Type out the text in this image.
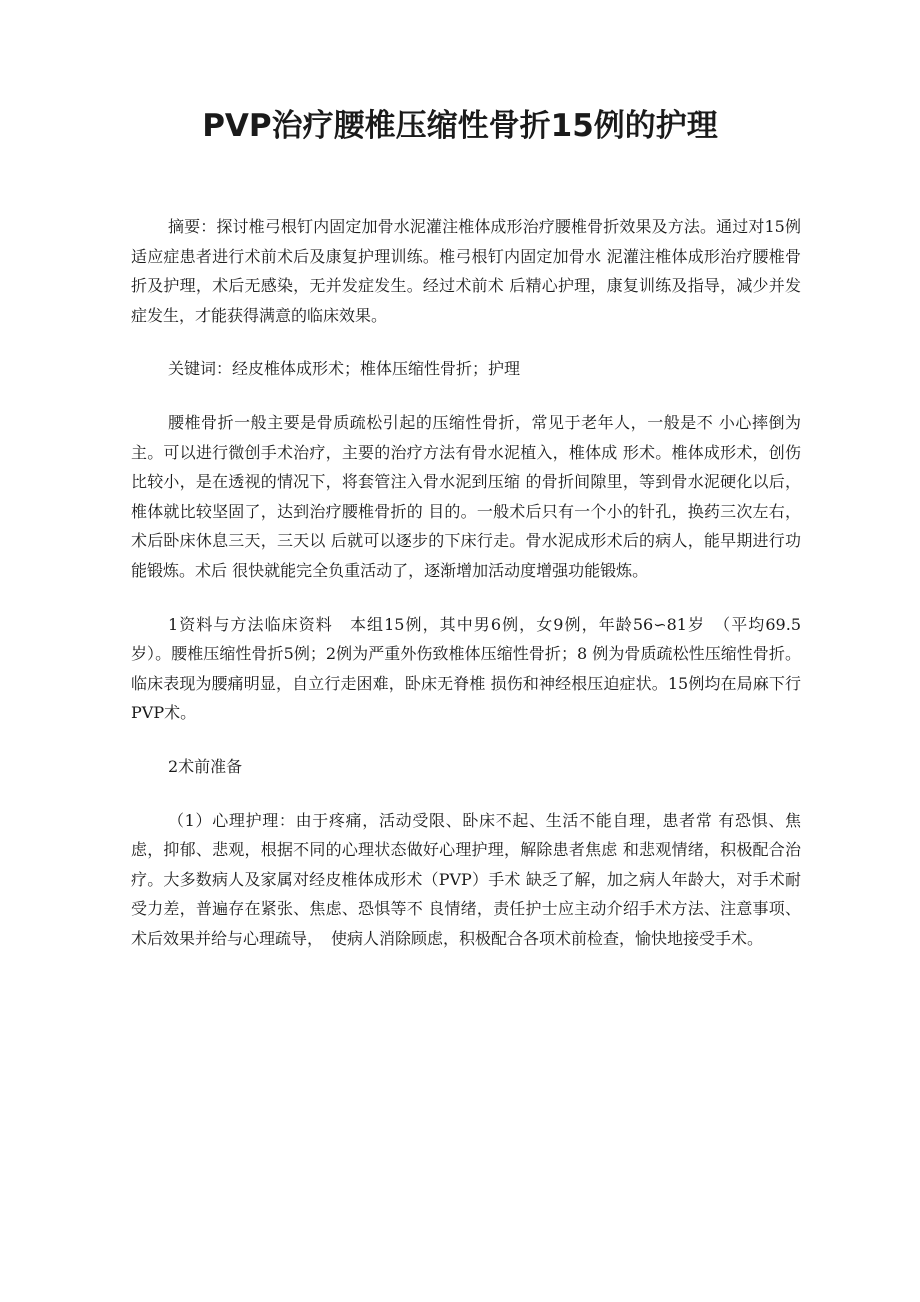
PVP治疗腰椎压缩性骨折15例的护理

摘要：探讨椎弓根钉内固定加骨水泥灌注椎体成形治疗腰椎骨折效果及方法。通过对15例适应症患者进行术前术后及康复护理训练。椎弓根钉内固定加骨水 泥灌注椎体成形治疗腰椎骨折及护理，术后无感染，无并发症发生。经过术前术 后精心护理，康复训练及指导，减少并发症发生，才能获得满意的临床效果。

关键词：经皮椎体成形术；椎体压缩性骨折；护理

腰椎骨折一般主要是骨质疏松引起的压缩性骨折，常见于老年人，一般是不 小心摔倒为主。可以进行微创手术治疗，主要的治疗方法有骨水泥植入，椎体成 形术。椎体成形术，创伤比较小，是在透视的情况下，将套管注入骨水泥到压缩 的骨折间隙里，等到骨水泥硬化以后，椎体就比较坚固了，达到治疗腰椎骨折的 目的。一般术后只有一个小的针孔，换药三次左右，术后卧床休息三天，三天以 后就可以逐步的下床行走。骨水泥成形术后的病人，能早期进行功能锻炼。术后 很快就能完全负重活动了，逐渐增加活动度增强功能锻炼。

1资料与方法临床资料　本组15例，其中男6例，女9例，年龄56∽81岁　（平均69.5岁）。腰椎压缩性骨折5例；2例为严重外伤致椎体压缩性骨折；8 例为骨质疏松性压缩性骨折。临床表现为腰痛明显，自立行走困难，卧床无脊椎 损伤和神经根压迫症状。15例均在局麻下行PVP术。

2术前准备

（1）心理护理：由于疼痛，活动受限、卧床不起、生活不能自理，患者常 有恐惧、焦虑，抑郁、悲观，根据不同的心理状态做好心理护理，解除患者焦虑 和悲观情绪，积极配合治疗。大多数病人及家属对经皮椎体成形术（PVP）手术 缺乏了解，加之病人年龄大，对手术耐受力差，普遍存在紧张、焦虑、恐惧等不 良情绪，责任护士应主动介绍手术方法、注意事项、术后效果并给与心理疏导，　使病人消除顾虑，积极配合各项术前检查，愉快地接受手术。
